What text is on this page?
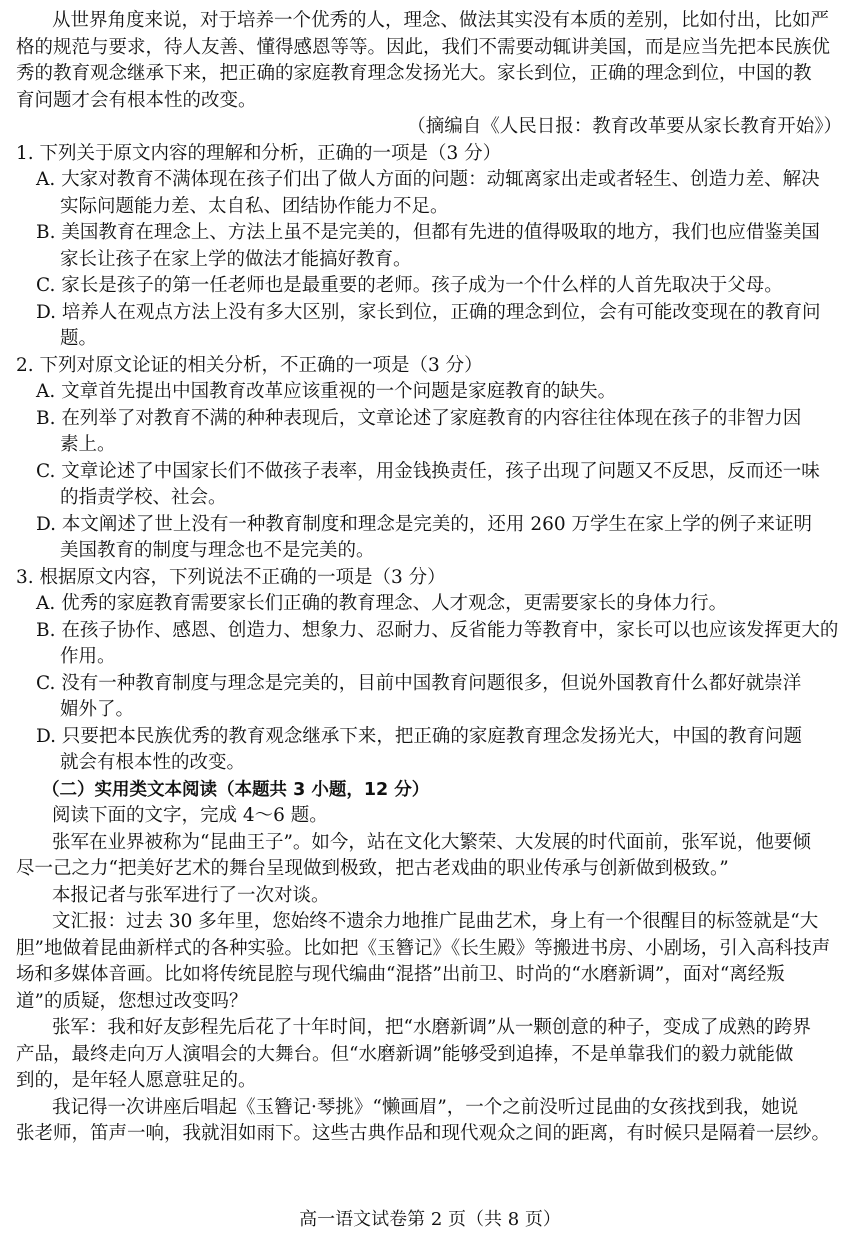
从世界角度来说，对于培养一个优秀的人，理念、做法其实没有本质的差别，比如付出，比如严
格的规范与要求，待人友善、懂得感恩等等。因此，我们不需要动辄讲美国，而是应当先把本民族优
秀的教育观念继承下来，把正确的家庭教育理念发扬光大。家长到位，正确的理念到位，中国的教
育问题才会有根本性的改变。
（摘编自《人民日报：教育改革要从家长教育开始》）
1. 下列关于原文内容的理解和分析，正确的一项是（3 分）
A. 大家对教育不满体现在孩子们出了做人方面的问题：动辄离家出走或者轻生、创造力差、解决
实际问题能力差、太自私、团结协作能力不足。
B. 美国教育在理念上、方法上虽不是完美的，但都有先进的值得吸取的地方，我们也应借鉴美国
家长让孩子在家上学的做法才能搞好教育。
C. 家长是孩子的第一任老师也是最重要的老师。孩子成为一个什么样的人首先取决于父母。
D. 培养人在观点方法上没有多大区别，家长到位，正确的理念到位，会有可能改变现在的教育问
题。
2. 下列对原文论证的相关分析，不正确的一项是（3 分）
A. 文章首先提出中国教育改革应该重视的一个问题是家庭教育的缺失。
B. 在列举了对教育不满的种种表现后，文章论述了家庭教育的内容往往体现在孩子的非智力因
素上。
C. 文章论述了中国家长们不做孩子表率，用金钱换责任，孩子出现了问题又不反思，反而还一味
的指责学校、社会。
D. 本文阐述了世上没有一种教育制度和理念是完美的，还用 260 万学生在家上学的例子来证明
美国教育的制度与理念也不是完美的。
3. 根据原文内容，下列说法不正确的一项是（3 分）
A. 优秀的家庭教育需要家长们正确的教育理念、人才观念，更需要家长的身体力行。
B. 在孩子协作、感恩、创造力、想象力、忍耐力、反省能力等教育中，家长可以也应该发挥更大的
作用。
C. 没有一种教育制度与理念是完美的，目前中国教育问题很多，但说外国教育什么都好就崇洋
媚外了。
D. 只要把本民族优秀的教育观念继承下来，把正确的家庭教育理念发扬光大，中国的教育问题
就会有根本性的改变。
（二）实用类文本阅读（本题共 3 小题，12 分）
阅读下面的文字，完成 4～6 题。
张军在业界被称为“昆曲王子”。如今，站在文化大繁荣、大发展的时代面前，张军说，他要倾
尽一己之力“把美好艺术的舞台呈现做到极致，把古老戏曲的职业传承与创新做到极致。”
本报记者与张军进行了一次对谈。
文汇报：过去 30 多年里，您始终不遗余力地推广昆曲艺术，身上有一个很醒目的标签就是“大
胆”地做着昆曲新样式的各种实验。比如把《玉簪记》《长生殿》等搬进书房、小剧场，引入高科技声
场和多媒体音画。比如将传统昆腔与现代编曲“混搭”出前卫、时尚的“水磨新调”，面对“离经叛
道”的质疑，您想过改变吗？
张军：我和好友彭程先后花了十年时间，把“水磨新调”从一颗创意的种子，变成了成熟的跨界
产品，最终走向万人演唱会的大舞台。但“水磨新调”能够受到追捧，不是单靠我们的毅力就能做
到的，是年轻人愿意驻足的。
我记得一次讲座后唱起《玉簪记·琴挑》“懒画眉”，一个之前没听过昆曲的女孩找到我，她说
张老师，笛声一响，我就泪如雨下。这些古典作品和现代观众之间的距离，有时候只是隔着一层纱。
高一语文试卷第 2 页（共 8 页）
